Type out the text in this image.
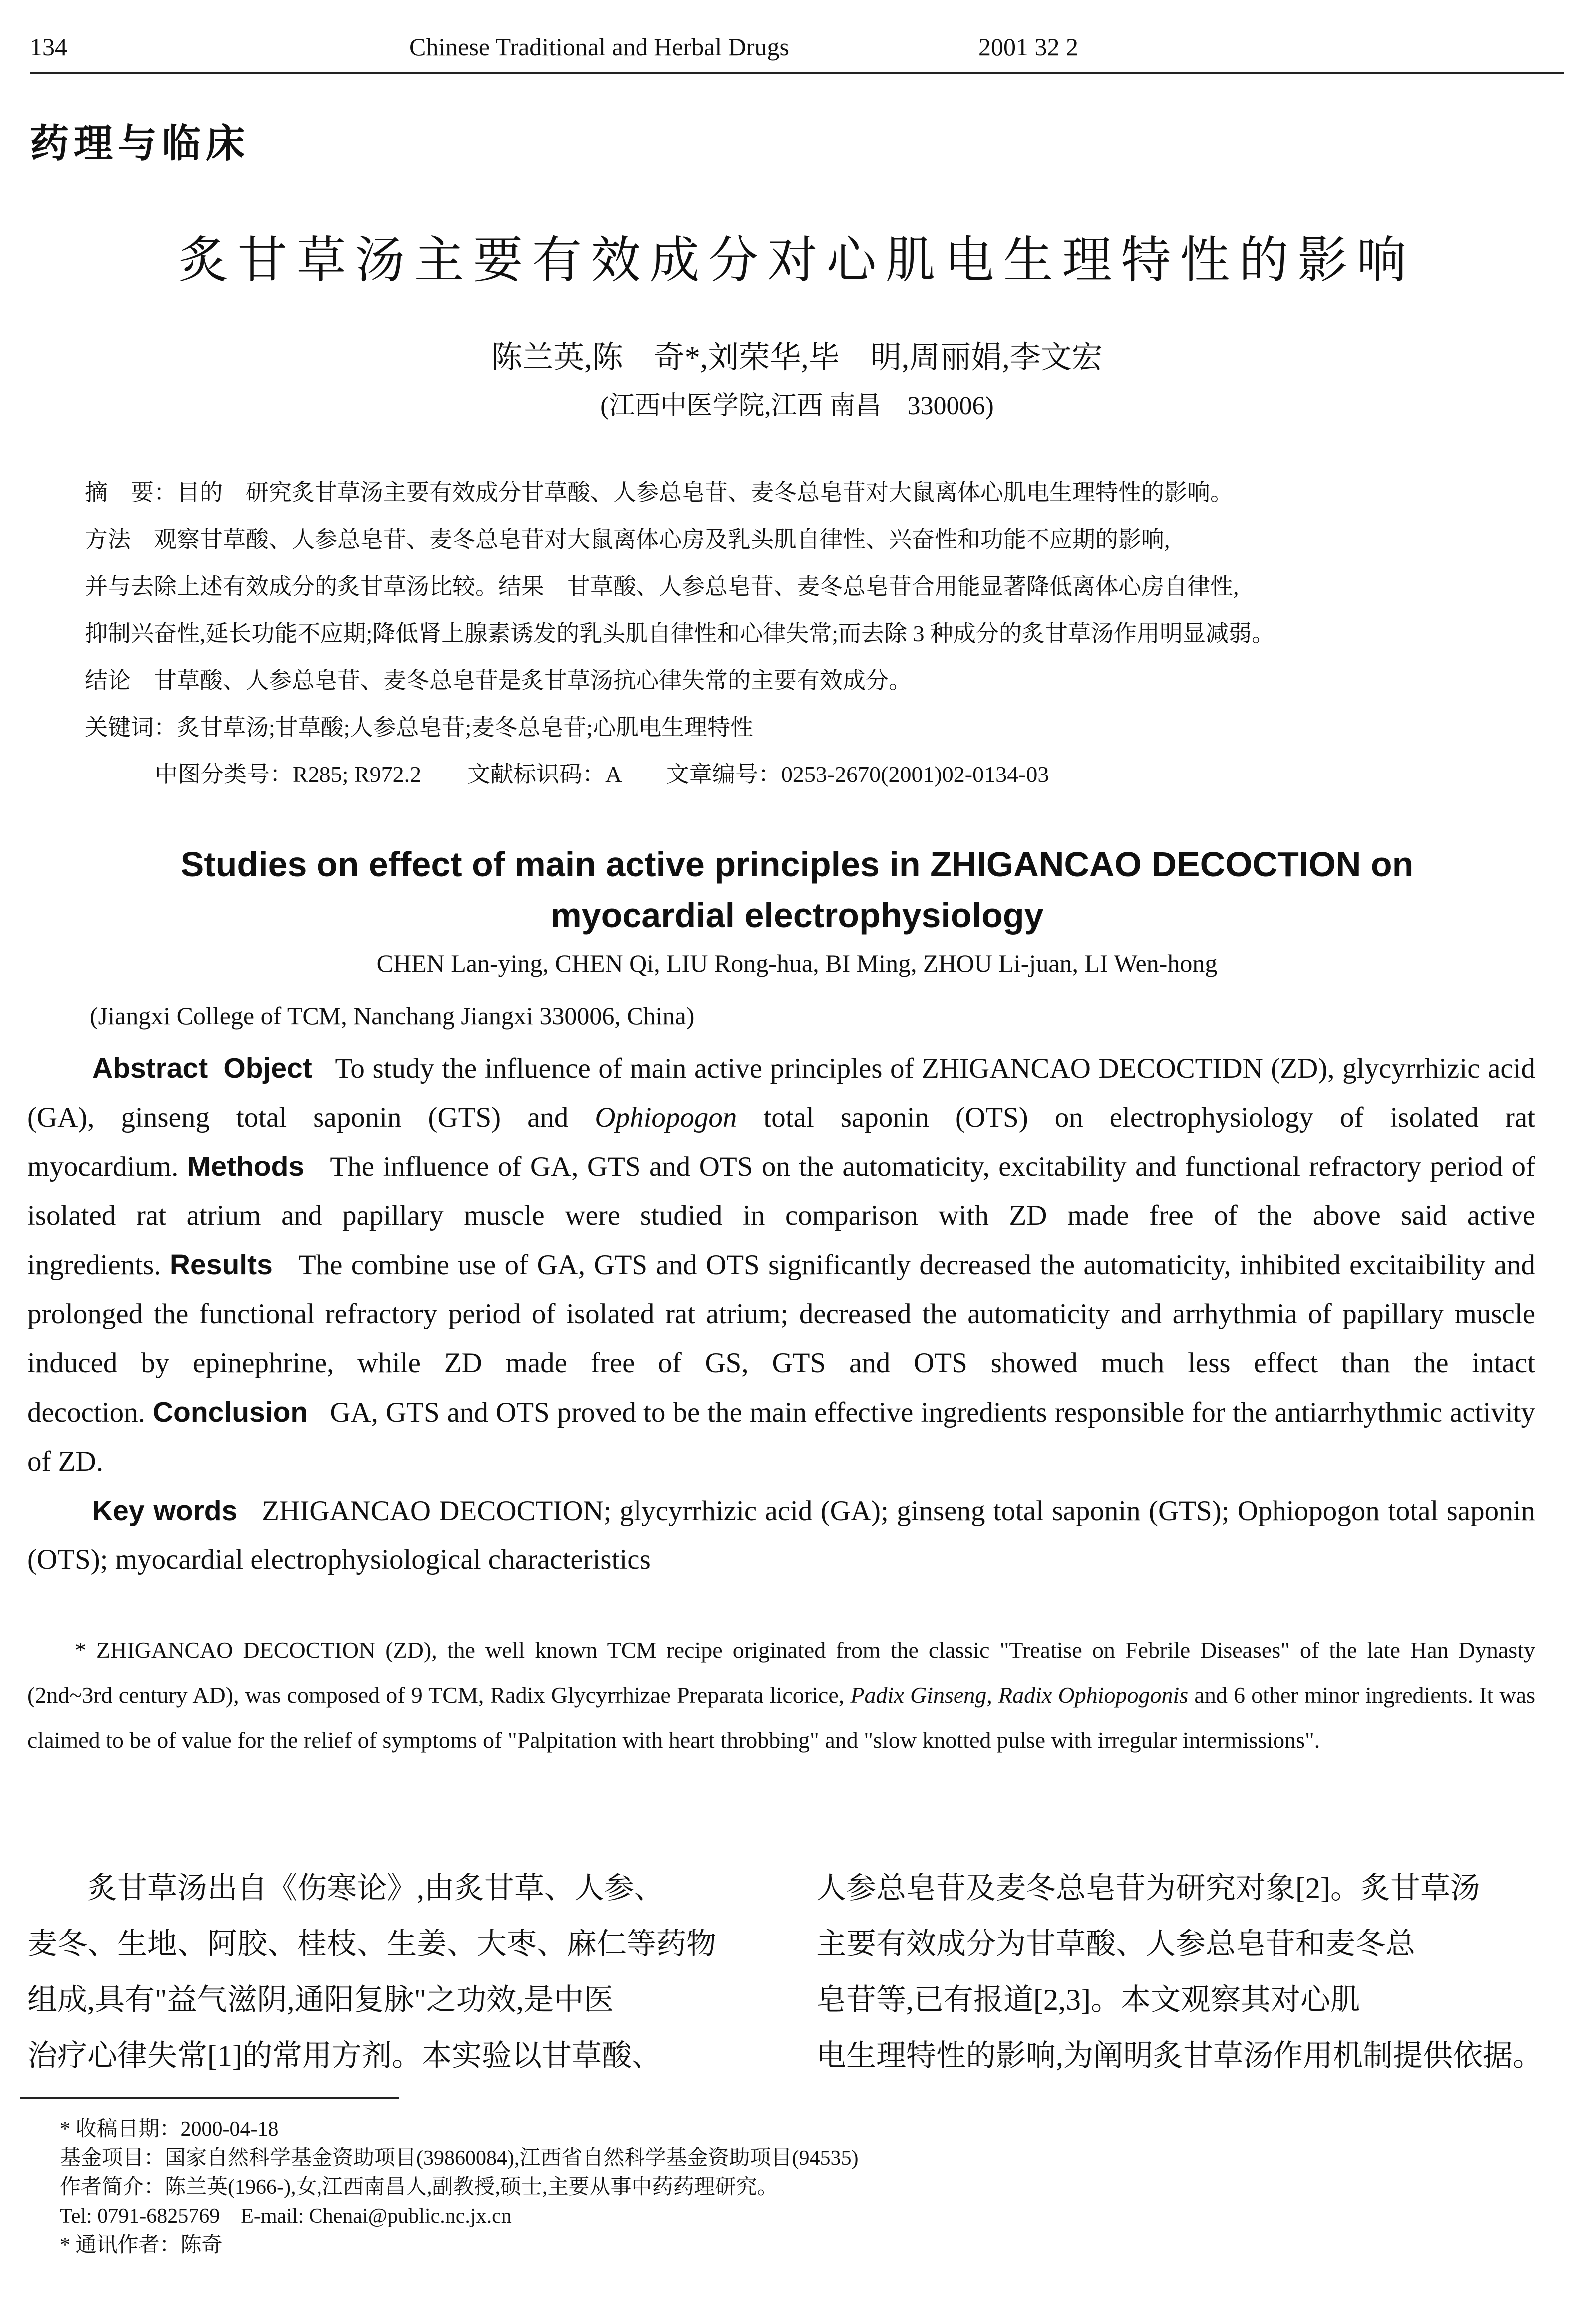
134	Chinese Traditional and Herbal Drugs	2001 32 2
药理与临床
炙甘草汤主要有效成分对心肌电生理特性的影响
陈兰英,陈　奇*,刘荣华,毕　明,周丽娟,李文宏
(江西中医学院,江西 南昌　330006)

摘　要：目的　研究炙甘草汤主要有效成分甘草酸、人参总皂苷、麦冬总皂苷对大鼠离体心肌电生理特性的影响。

方法　观察甘草酸、人参总皂苷、麦冬总皂苷对大鼠离体心房及乳头肌自律性、兴奋性和功能不应期的影响,

并与去除上述有效成分的炙甘草汤比较。结果　甘草酸、人参总皂苷、麦冬总皂苷合用能显著降低离体心房自律性,

抑制兴奋性,延长功能不应期;降低肾上腺素诱发的乳头肌自律性和心律失常;而去除 3 种成分的炙甘草汤作用明显减弱。

结论　甘草酸、人参总皂苷、麦冬总皂苷是炙甘草汤抗心律失常的主要有效成分。

关键词：炙甘草汤;甘草酸;人参总皂苷;麦冬总皂苷;心肌电生理特性

中图分类号：R285; R972.2　　文献标识码：A　　文章编号：0253-2670(2001)02-0134-03

Studies on effect of main active principles in ZHIGANCAO DECOCTION on
myocardial electrophysiology
CHEN Lan-ying, CHEN Qi, LIU Rong-hua, BI Ming, ZHOU Li-juan, LI Wen-hong
(Jiangxi College of TCM, Nanchang Jiangxi 330006, China)

Abstract Object To study the influence of main active principles of ZHIGANCAO DECOCTIDN (ZD), glycyrrhizic acid (GA), ginseng total saponin (GTS) and Ophiopogon total saponin (OTS) on electrophysiology of isolated rat myocardium. Methods The influence of GA, GTS and OTS on the automaticity, excitability and functional refractory period of isolated rat atrium and papillary muscle were studied in comparison with ZD made free of the above said active ingredients. Results The combine use of GA, GTS and OTS significantly decreased the automaticity, inhibited excitaibility and prolonged the functional refractory period of isolated rat atrium; decreased the automaticity and arrhythmia of papillary muscle induced by epinephrine, while ZD made free of GS, GTS and OTS showed much less effect than the intact decoction. Conclusion GA, GTS and OTS proved to be the main effective ingredients responsible for the antiarrhythmic activity of ZD.

Key words ZHIGANCAO DECOCTION; glycyrrhizic acid (GA); ginseng total saponin (GTS); Ophiopogon total saponin (OTS); myocardial electrophysiological characteristics

* ZHIGANCAO DECOCTION (ZD), the well known TCM recipe originated from the classic "Treatise on Febrile Diseases" of the late Han Dynasty (2nd~3rd century AD), was composed of 9 TCM, Radix Glycyrrhizae Preparata licorice, Padix Ginseng, Radix Ophiopogonis and 6 other minor ingredients. It was claimed to be of value for the relief of symptoms of "Palpitation with heart throbbing" and "slow knotted pulse with irregular intermissions".

炙甘草汤出自《伤寒论》,由炙甘草、人参、
麦冬、生地、阿胶、桂枝、生姜、大枣、麻仁等药物
组成,具有"益气滋阴,通阳复脉"之功效,是中医
治疗心律失常[1]的常用方剂。本实验以甘草酸、
人参总皂苷及麦冬总皂苷为研究对象[2]。炙甘草汤
主要有效成分为甘草酸、人参总皂苷和麦冬总
皂苷等,已有报道[2,3]。本文观察其对心肌
电生理特性的影响,为阐明炙甘草汤作用机制提供依据。

* 收稿日期：2000-04-18

基金项目：国家自然科学基金资助项目(39860084),江西省自然科学基金资助项目(94535)

作者简介：陈兰英(1966-),女,江西南昌人,副教授,硕士,主要从事中药药理研究。

Tel: 0791-6825769　E-mail: Chenai@public.nc.jx.cn

* 通讯作者：陈奇
